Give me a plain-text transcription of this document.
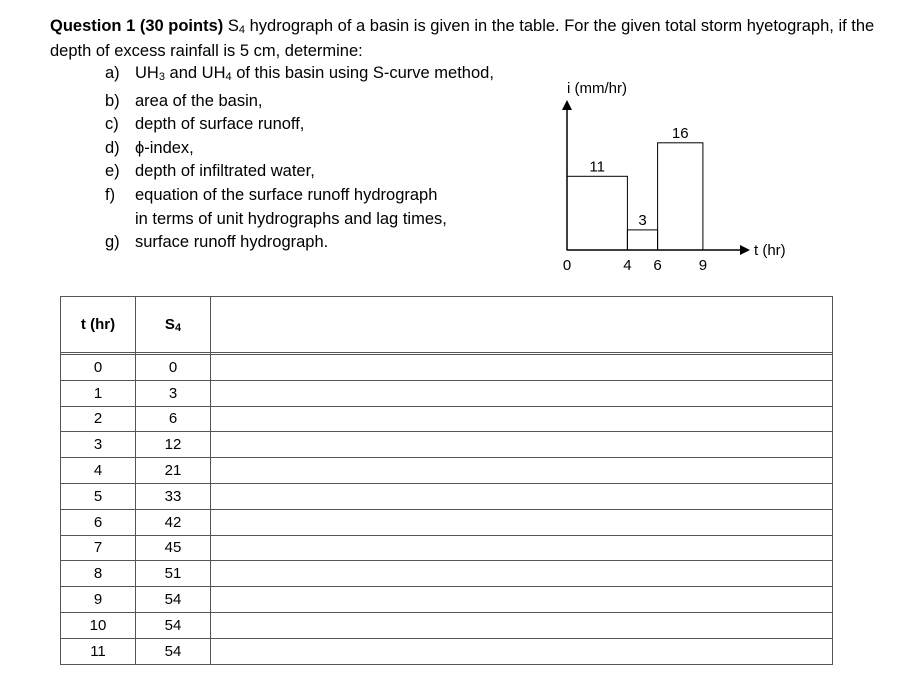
Question 1 (30 points) $S_4$ hydrograph of a basin is given in the table. For the given total storm hyetograph, if the depth of excess rainfall is 5 cm, determine:
a) $UH_3$ and $UH_4$ of this basin using S-curve method,
b) area of the basin,
c) depth of surface runoff,
d) ϕ-index,
e) depth of infiltrated water,
f) equation of the surface runoff hydrograph
in terms of unit hydrographs and lag times,
g) surface runoff hydrograph.
i (mm/hr)
t (hr)
11
3
16
0	4 6 9
t (hr)	$S_4$	

0	0	
1	3	
2	6	
3	12	
4	21	
5	33	
6	42	
7	45	
8	51	
9	54	
10	54	
11	54	
